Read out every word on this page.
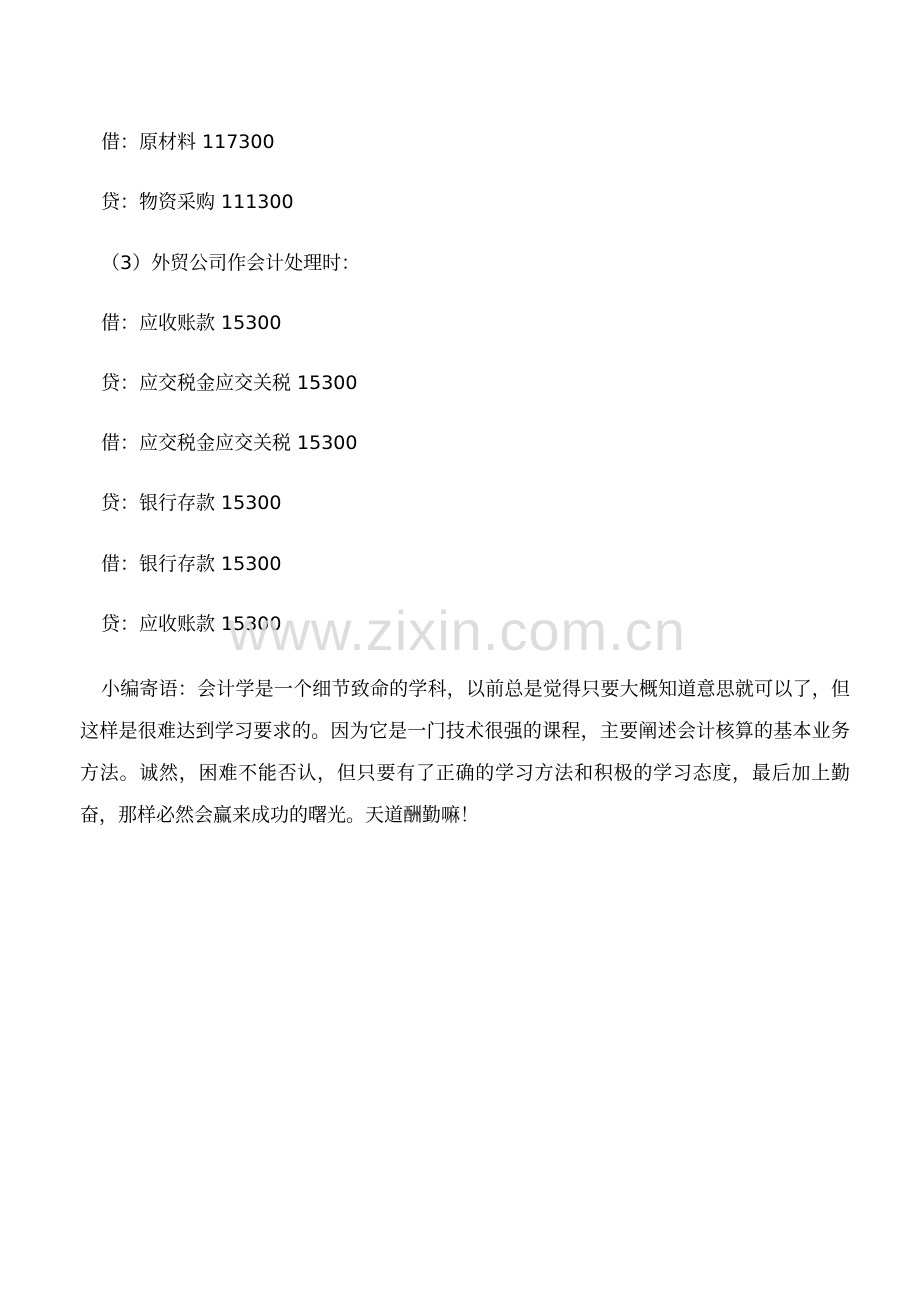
借：原材料 117300
贷：物资采购 111300
（3）外贸公司作会计处理时：
借：应收账款 15300
贷：应交税金应交关税 15300
借：应交税金应交关税 15300
贷：银行存款 15300
借：银行存款 15300
贷：应收账款 15300
小编寄语：会计学是一个细节致命的学科，以前总是觉得只要大概知道意思就可以了，但这样是很难达到学习要求的。因为它是一门技术很强的课程，主要阐述会计核算的基本业务方法。诚然，困难不能否认，但只要有了正确的学习方法和积极的学习态度，最后加上勤奋，那样必然会赢来成功的曙光。天道酬勤嘛！
www.zixin.com.cn
